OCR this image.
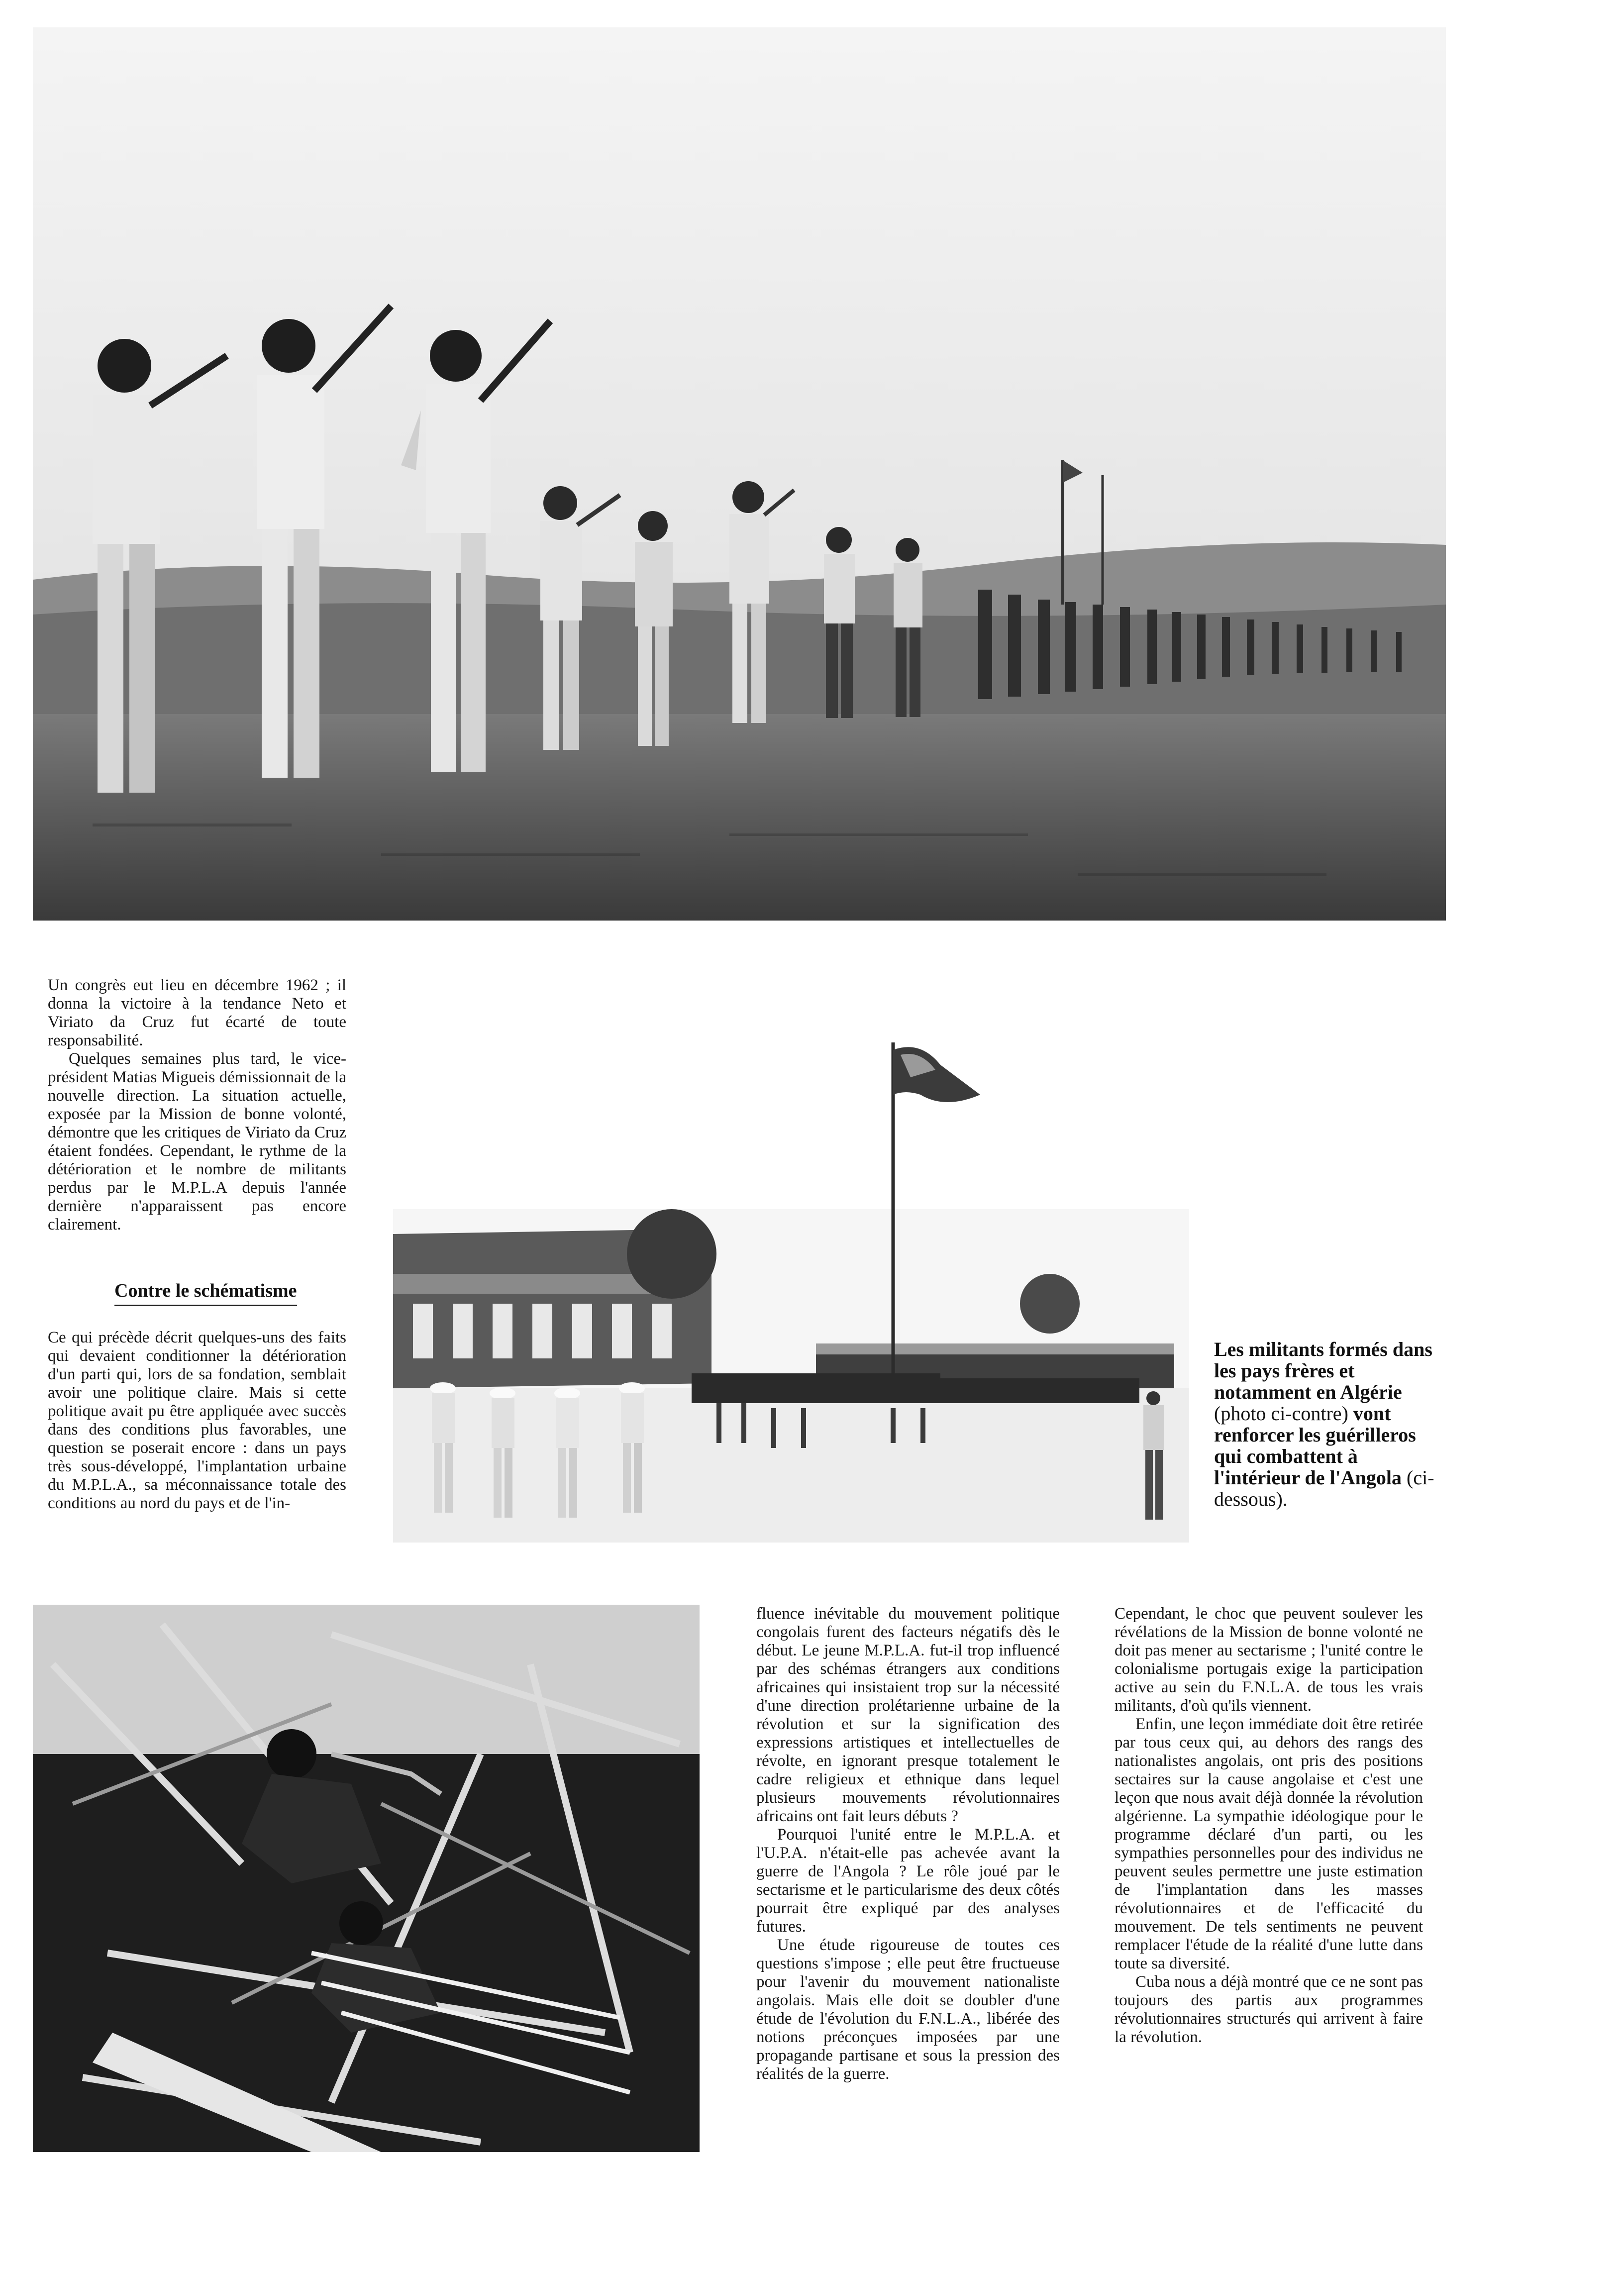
Un congrès eut lieu en décembre 1962 ; il donna la victoire à la tendance Neto et Viriato da Cruz fut écarté de toute responsabilité.

Quelques semaines plus tard, le vice-président Matias Migueis démissionnait de la nouvelle direction. La situation actuelle, exposée par la Mission de bonne volonté, démontre que les critiques de Viriato da Cruz étaient fondées. Cependant, le rythme de la détérioration et le nombre de militants perdus par le M.P.L.A depuis l'année dernière n'apparaissent pas encore clairement.

Contre le schématisme

Ce qui précède décrit quelques-uns des faits qui devaient conditionner la détérioration d'un parti qui, lors de sa fondation, semblait avoir une politique claire. Mais si cette politique avait pu être appliquée avec succès dans des conditions plus favorables, une question se poserait encore : dans un pays très sous-développé, l'implantation urbaine du M.P.L.A., sa méconnaissance totale des conditions au nord du pays et de l'in-

Les militants formés dans les pays frères et notamment en Algérie (photo ci-contre) vont renforcer les guérilleros qui combattent à l'intérieur de l'Angola (ci-dessous).

fluence inévitable du mouvement politique congolais furent des facteurs négatifs dès le début. Le jeune M.P.L.A. fut-il trop influencé par des schémas étrangers aux conditions africaines qui insistaient trop sur la nécessité d'une direction prolétarienne urbaine de la révolution et sur la signification des expressions artistiques et intellectuelles de révolte, en ignorant presque totalement le cadre religieux et ethnique dans lequel plusieurs mouvements révolutionnaires africains ont fait leurs débuts ?

Pourquoi l'unité entre le M.P.L.A. et l'U.P.A. n'était-elle pas achevée avant la guerre de l'Angola ? Le rôle joué par le sectarisme et le particularisme des deux côtés pourrait être expliqué par des analyses futures.

Une étude rigoureuse de toutes ces questions s'impose ; elle peut être fructueuse pour l'avenir du mouvement nationaliste angolais. Mais elle doit se doubler d'une étude de l'évolution du F.N.L.A., libérée des notions préconçues imposées par une propagande partisane et sous la pression des réalités de la guerre.

Cependant, le choc que peuvent soulever les révélations de la Mission de bonne volonté ne doit pas mener au sectarisme ; l'unité contre le colonialisme portugais exige la participation active au sein du F.N.L.A. de tous les vrais militants, d'où qu'ils viennent.

Enfin, une leçon immédiate doit être retirée par tous ceux qui, au dehors des rangs des nationalistes angolais, ont pris des positions sectaires sur la cause angolaise et c'est une leçon que nous avait déjà donnée la révolution algérienne. La sympathie idéologique pour le programme déclaré d'un parti, ou les sympathies personnelles pour des individus ne peuvent seules permettre une juste estimation de l'implantation dans les masses révolutionnaires et de l'efficacité du mouvement. De tels sentiments ne peuvent remplacer l'étude de la réalité d'une lutte dans toute sa diversité.

Cuba nous a déjà montré que ce ne sont pas toujours des partis aux programmes révolutionnaires structurés qui arrivent à faire la révolution.
